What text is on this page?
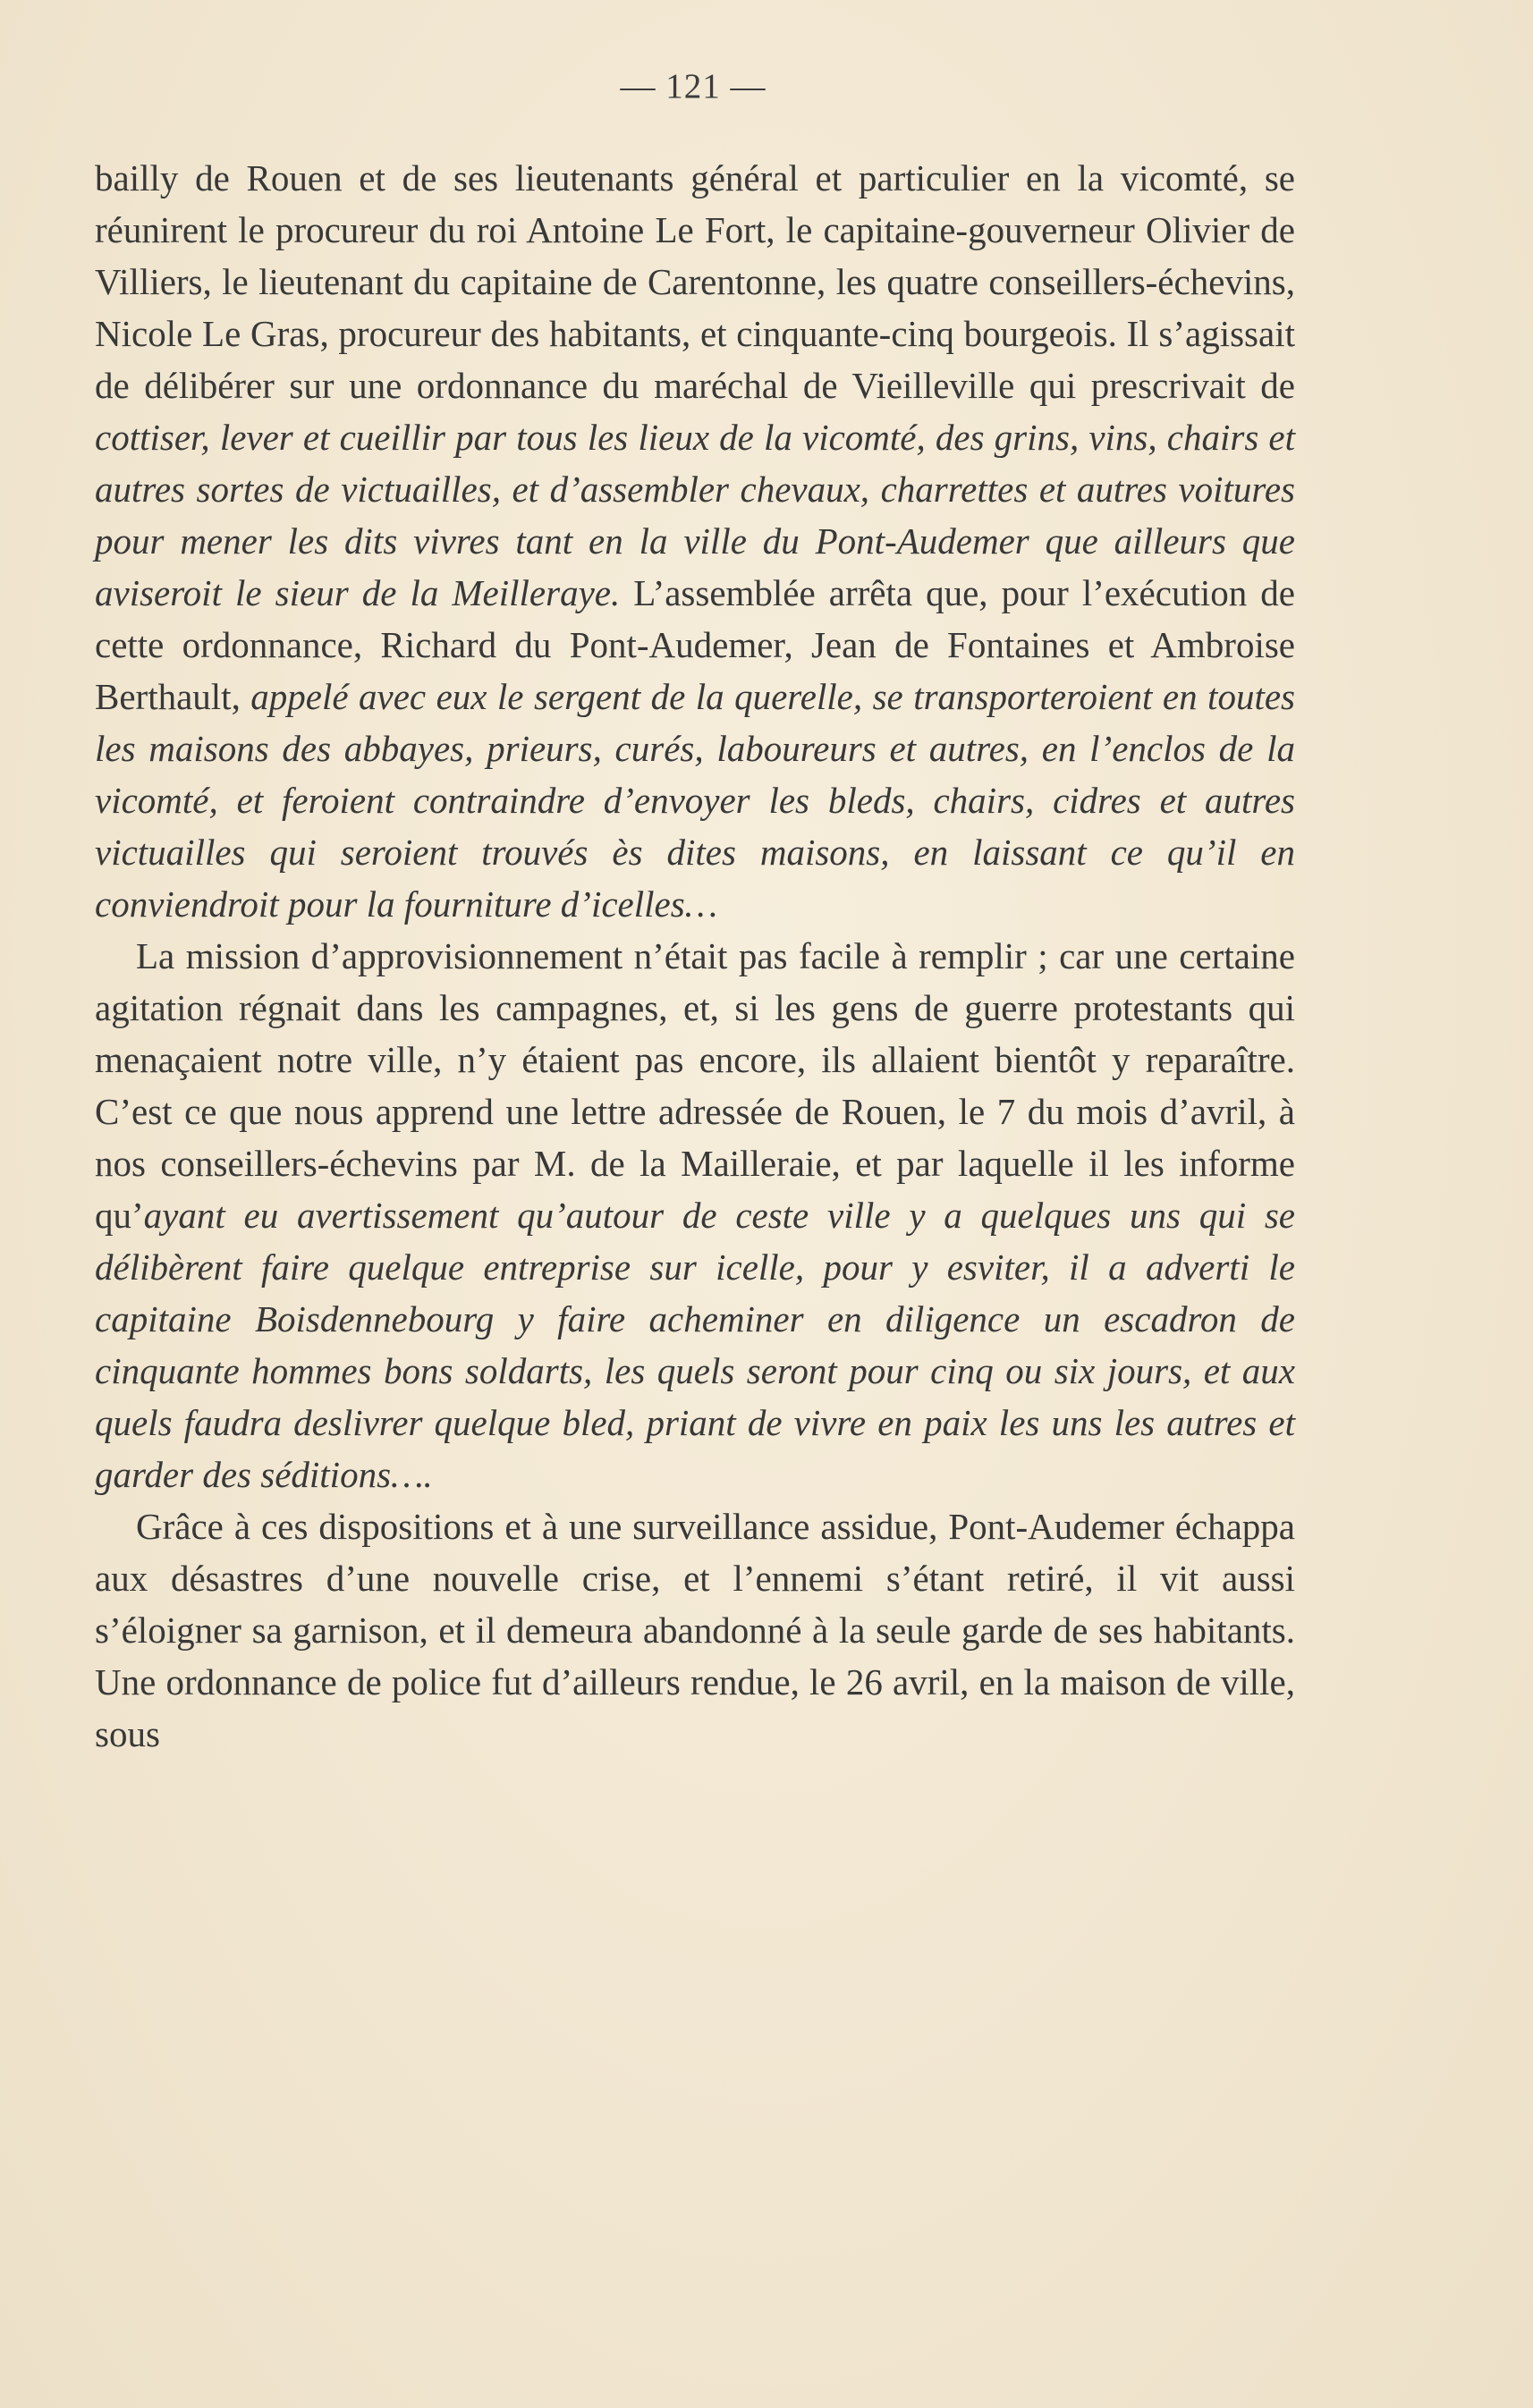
— 121 —

bailly de Rouen et de ses lieutenants général et particulier en la vicomté, se réunirent le procureur du roi Antoine Le Fort, le capitaine-gouverneur Olivier de Villiers, le lieutenant du capitaine de Carentonne, les quatre conseillers-échevins, Nicole Le Gras, procureur des habitants, et cinquante-cinq bourgeois. Il s’agissait de délibérer sur une ordonnance du maréchal de Vieilleville qui prescrivait de cottiser, lever et cueillir par tous les lieux de la vicomté, des grins, vins, chairs et autres sortes de victuailles, et d’assembler chevaux, charrettes et autres voitures pour mener les dits vivres tant en la ville du Pont-Audemer que ailleurs que aviseroit le sieur de la Meilleraye. L’assemblée arrêta que, pour l’exécution de cette ordonnance, Richard du Pont-Audemer, Jean de Fontaines et Ambroise Berthault, appelé avec eux le sergent de la querelle, se transporteroient en toutes les maisons des abbayes, prieurs, curés, laboureurs et autres, en l’enclos de la vicomté, et feroient contraindre d’envoyer les bleds, chairs, cidres et autres victuailles qui seroient trouvés ès dites maisons, en laissant ce qu’il en conviendroit pour la fourniture d’icelles…

La mission d’approvisionnement n’était pas facile à remplir ; car une certaine agitation régnait dans les campagnes, et, si les gens de guerre protestants qui menaçaient notre ville, n’y étaient pas encore, ils allaient bientôt y reparaître. C’est ce que nous apprend une lettre adressée de Rouen, le 7 du mois d’avril, à nos conseillers-échevins par M. de la Mailleraie, et par laquelle il les informe qu’ayant eu avertissement qu’autour de ceste ville y a quelques uns qui se délibèrent faire quelque entreprise sur icelle, pour y esviter, il a adverti le capitaine Boisdennebourg y faire acheminer en diligence un escadron de cinquante hommes bons soldarts, les quels seront pour cinq ou six jours, et aux quels faudra deslivrer quelque bled, priant de vivre en paix les uns les autres et garder des séditions….

Grâce à ces dispositions et à une surveillance assidue, Pont-Audemer échappa aux désastres d’une nouvelle crise, et l’ennemi s’étant retiré, il vit aussi s’éloigner sa garnison, et il demeura abandonné à la seule garde de ses habitants. Une ordonnance de police fut d’ailleurs rendue, le 26 avril, en la maison de ville, sous
